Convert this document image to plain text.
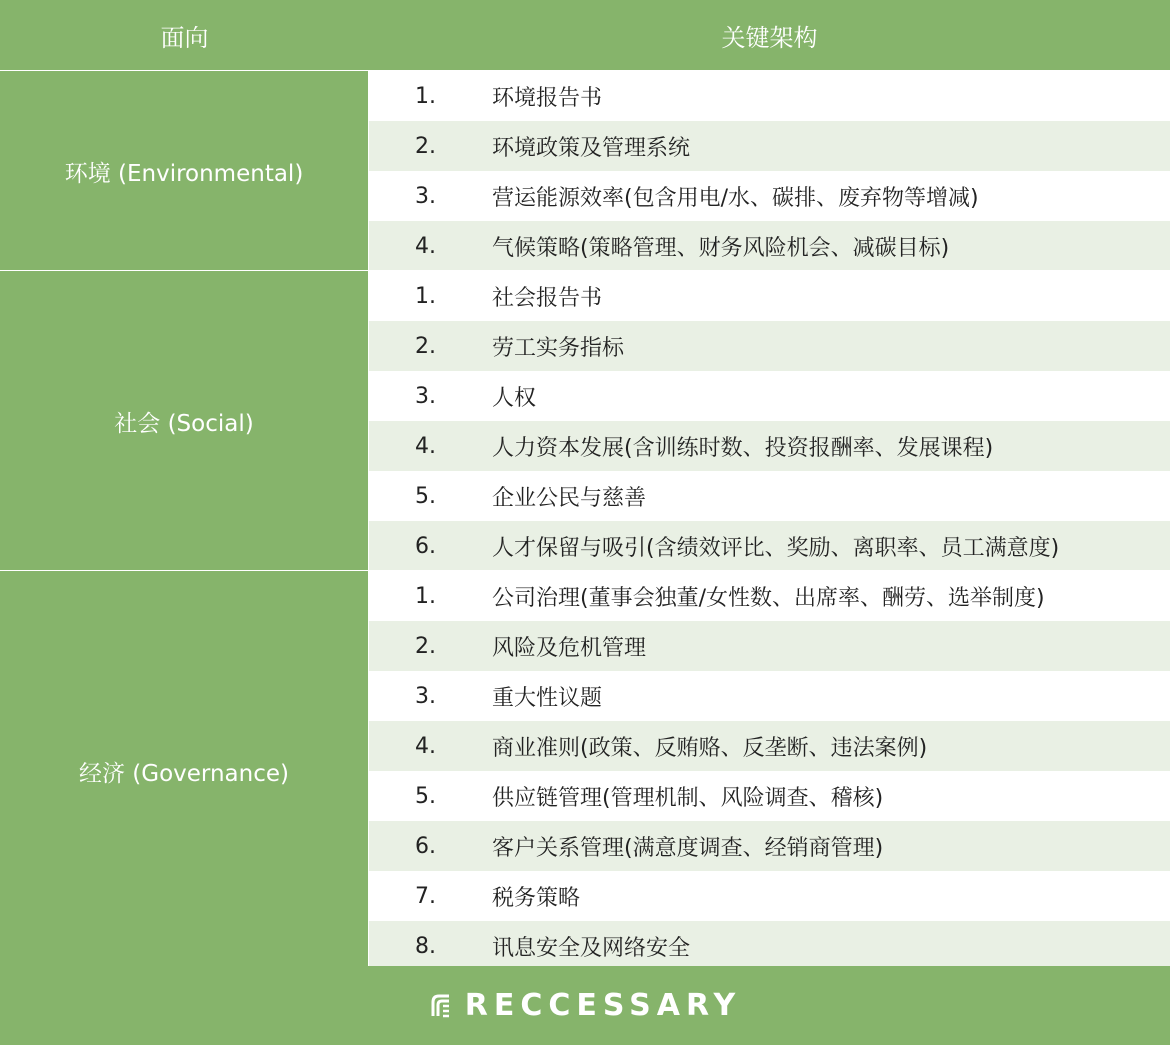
面向	关键架构
环境 (Environmental)
1.	环境报告书
2.	环境政策及管理系统
3.	营运能源效率(包含用电/水、碳排、废弃物等增减)
4.	气候策略(策略管理、财务风险机会、减碳目标)
社会 (Social)
1.	社会报告书
2.	劳工实务指标
3.	人权
4.	人力资本发展(含训练时数、投资报酬率、发展课程)
5.	企业公民与慈善
6.	人才保留与吸引(含绩效评比、奖励、离职率、员工满意度)
经济 (Governance)
1.	公司治理(董事会独董/女性数、出席率、酬劳、选举制度)
2.	风险及危机管理
3.	重大性议题
4.	商业准则(政策、反贿赂、反垄断、违法案例)
5.	供应链管理(管理机制、风险调查、稽核)
6.	客户关系管理(满意度调查、经销商管理)
7.	税务策略
8.	讯息安全及网络安全
RECCESSARY
